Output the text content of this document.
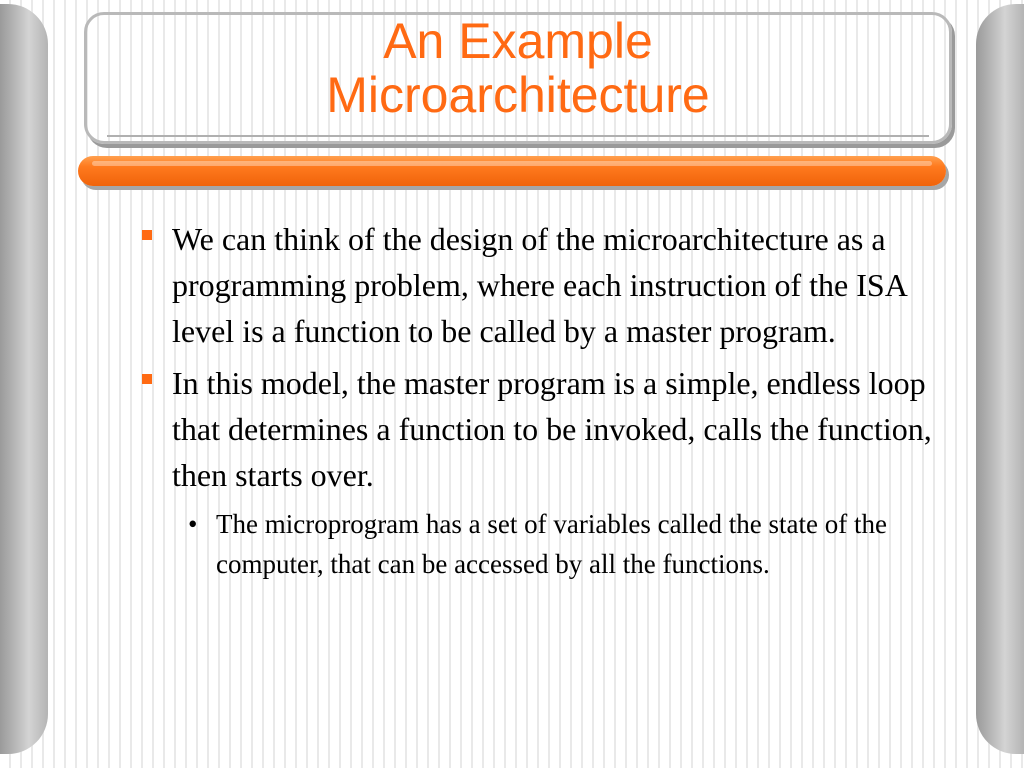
An Example
Microarchitecture
We can think of the design of the microarchitecture as a programming problem, where each instruction of the ISA level is a function to be called by a master program.
In this model, the master program is a simple, endless loop that determines a function to be invoked, calls the function, then starts over.
• The microprogram has a set of variables called the state of the computer, that can be accessed by all the functions.
